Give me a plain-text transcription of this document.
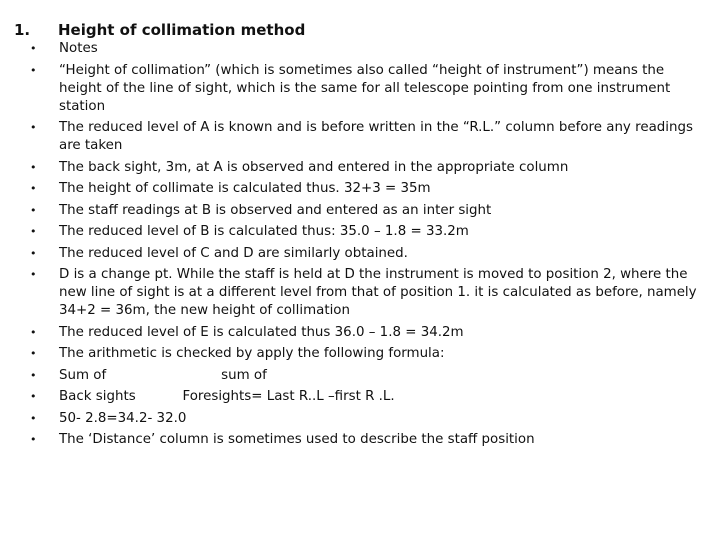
1. Height of collimation method
•	Notes
•	“Height of collimation” (which is sometimes also called “height of instrument”) means the height of the line of sight, which is the same for all telescope pointing from one instrument station
•	The reduced level of A is known and is before written in the “R.L.” column before any readings are taken
•	The back sight, 3m, at A is observed and entered in the appropriate column
•	The height of collimate is calculated thus. 32+3 = 35m
•	The staff readings at B is observed and entered as an inter sight
•	The reduced level of B is calculated thus: 35.0 – 1.8 = 33.2m
•	The reduced level of C and D are similarly obtained.
•	D is a change pt. While the staff is held at D the instrument is moved to position 2, where the new line of sight is at a different level from that of position 1. it is calculated as before, namely 34+2 = 36m, the new height of collimation
•	The reduced level of E is calculated thus 36.0 – 1.8 = 34.2m
•	The arithmetic is checked by apply the following formula:
•	Sum of                           sum of
•	Back sights           Foresights= Last R..L –first R .L.
•	50- 2.8=34.2- 32.0
•	The ‘Distance’ column is sometimes used to describe the staff position
